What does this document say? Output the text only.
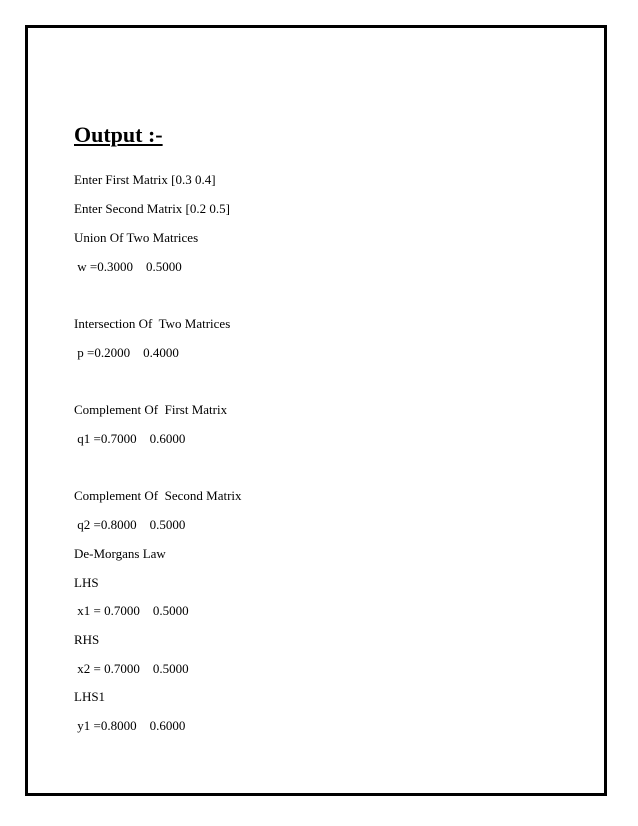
Output :-
Enter First Matrix [0.3 0.4]
Enter Second Matrix [0.2 0.5]
Union Of Two Matrices
w =0.3000    0.5000
Intersection Of  Two Matrices
p =0.2000    0.4000
Complement Of  First Matrix
q1 =0.7000    0.6000
Complement Of  Second Matrix
q2 =0.8000    0.5000
De-Morgans Law
LHS
x1 = 0.7000    0.5000
RHS
x2 = 0.7000    0.5000
LHS1
y1 =0.8000    0.6000
